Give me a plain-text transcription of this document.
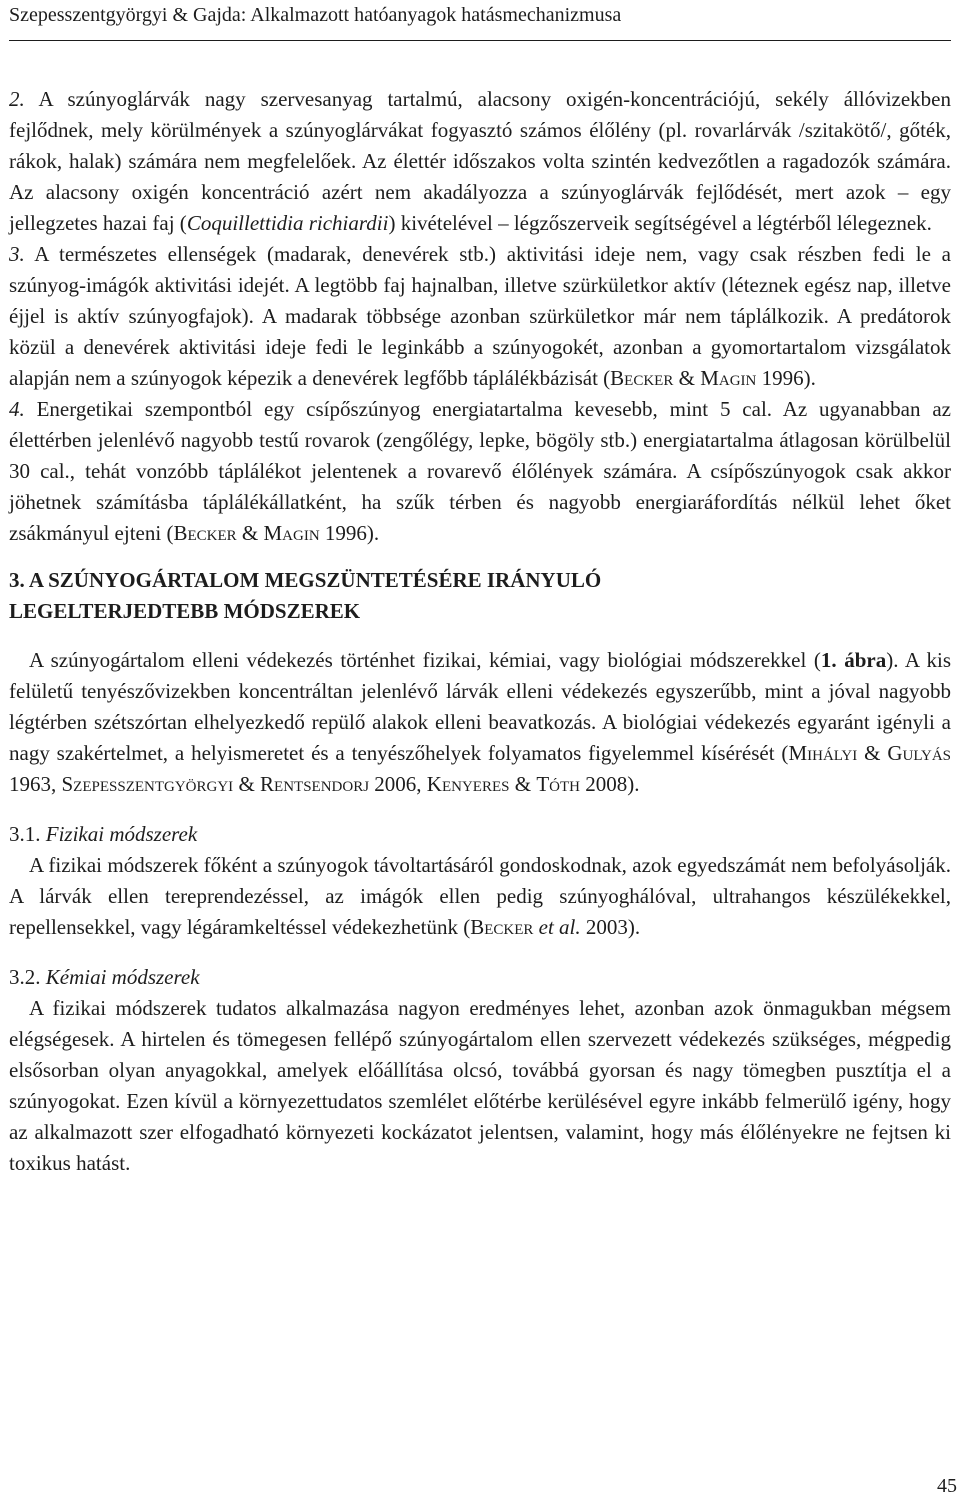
Szepesszentgyörgyi & Gajda: Alkalmazott hatóanyagok hatásmechanizmusa

2. A szúnyoglárvák nagy szervesanyag tartalmú, alacsony oxigén-koncentrációjú, sekély állóvizekben fejlődnek, mely körülmények a szúnyoglárvákat fogyasztó számos élőlény (pl. rovarlárvák /szitakötő/, gőték, rákok, halak) számára nem megfelelőek. Az élettér időszakos volta szintén kedvezőtlen a ragadozók számára. Az alacsony oxigén koncentráció azért nem akadályozza a szúnyoglárvák fejlődését, mert azok – egy jellegzetes hazai faj (Coquillettidia richiardii) kivételével – légzőszerveik segítségével a légtérből lélegeznek.

3. A természetes ellenségek (madarak, denevérek stb.) aktivitási ideje nem, vagy csak részben fedi le a szúnyog-imágók aktivitási idejét. A legtöbb faj hajnalban, illetve szürkületkor aktív (léteznek egész nap, illetve éjjel is aktív szúnyogfajok). A madarak többsége azonban szürkületkor már nem táplálkozik. A predátorok közül a denevérek aktivitási ideje fedi le leginkább a szúnyogokét, azonban a gyomortartalom vizsgálatok alapján nem a szúnyogok képezik a denevérek legfőbb táplálékbázisát (Becker & Magin 1996).

4. Energetikai szempontból egy csípőszúnyog energiatartalma kevesebb, mint 5 cal. Az ugyanabban az élettérben jelenlévő nagyobb testű rovarok (zengőlégy, lepke, bögöly stb.) energiatartalma átlagosan körülbelül 30 cal., tehát vonzóbb táplálékot jelentenek a rovarevő élőlények számára. A csípőszúnyogok csak akkor jöhetnek számításba táplálékállatként, ha szűk térben és nagyobb energiaráfordítás nélkül lehet őket zsákmányul ejteni (Becker & Magin 1996).

3. A SZÚNYOGÁRTALOM MEGSZÜNTETÉSÉRE IRÁNYULÓ
LEGELTERJEDTEBB MÓDSZEREK

A szúnyogártalom elleni védekezés történhet fizikai, kémiai, vagy biológiai módszerekkel (1. ábra). A kis felületű tenyészővizekben koncentráltan jelenlévő lárvák elleni védekezés egyszerűbb, mint a jóval nagyobb légtérben szétszórtan elhelyezkedő repülő alakok elleni beavatkozás. A biológiai védekezés egyaránt igényli a nagy szakértelmet, a helyismeretet és a tenyészőhelyek folyamatos figyelemmel kísérését (Mihályi & Gulyás 1963, Szepesszentgyörgyi & Rentsendorj 2006, Kenyeres & Tóth 2008).

3.1. Fizikai módszerek

A fizikai módszerek főként a szúnyogok távoltartásáról gondoskodnak, azok egyedszámát nem befolyásolják. A lárvák ellen tereprendezéssel, az imágók ellen pedig szúnyoghálóval, ultrahangos készülékekkel, repellensekkel, vagy légáramkeltéssel védekezhetünk (Becker et al. 2003).

3.2. Kémiai módszerek

A fizikai módszerek tudatos alkalmazása nagyon eredményes lehet, azonban azok önmagukban mégsem elégségesek. A hirtelen és tömegesen fellépő szúnyogártalom ellen szervezett védekezés szükséges, mégpedig elsősorban olyan anyagokkal, amelyek előállítása olcsó, továbbá gyorsan és nagy tömegben pusztítja el a szúnyogokat. Ezen kívül a környezettudatos szemlélet előtérbe kerülésével egyre inkább felmerülő igény, hogy az alkalmazott szer elfogadható környezeti kockázatot jelentsen, valamint, hogy más élőlényekre ne fejtsen ki toxikus hatást.

45
